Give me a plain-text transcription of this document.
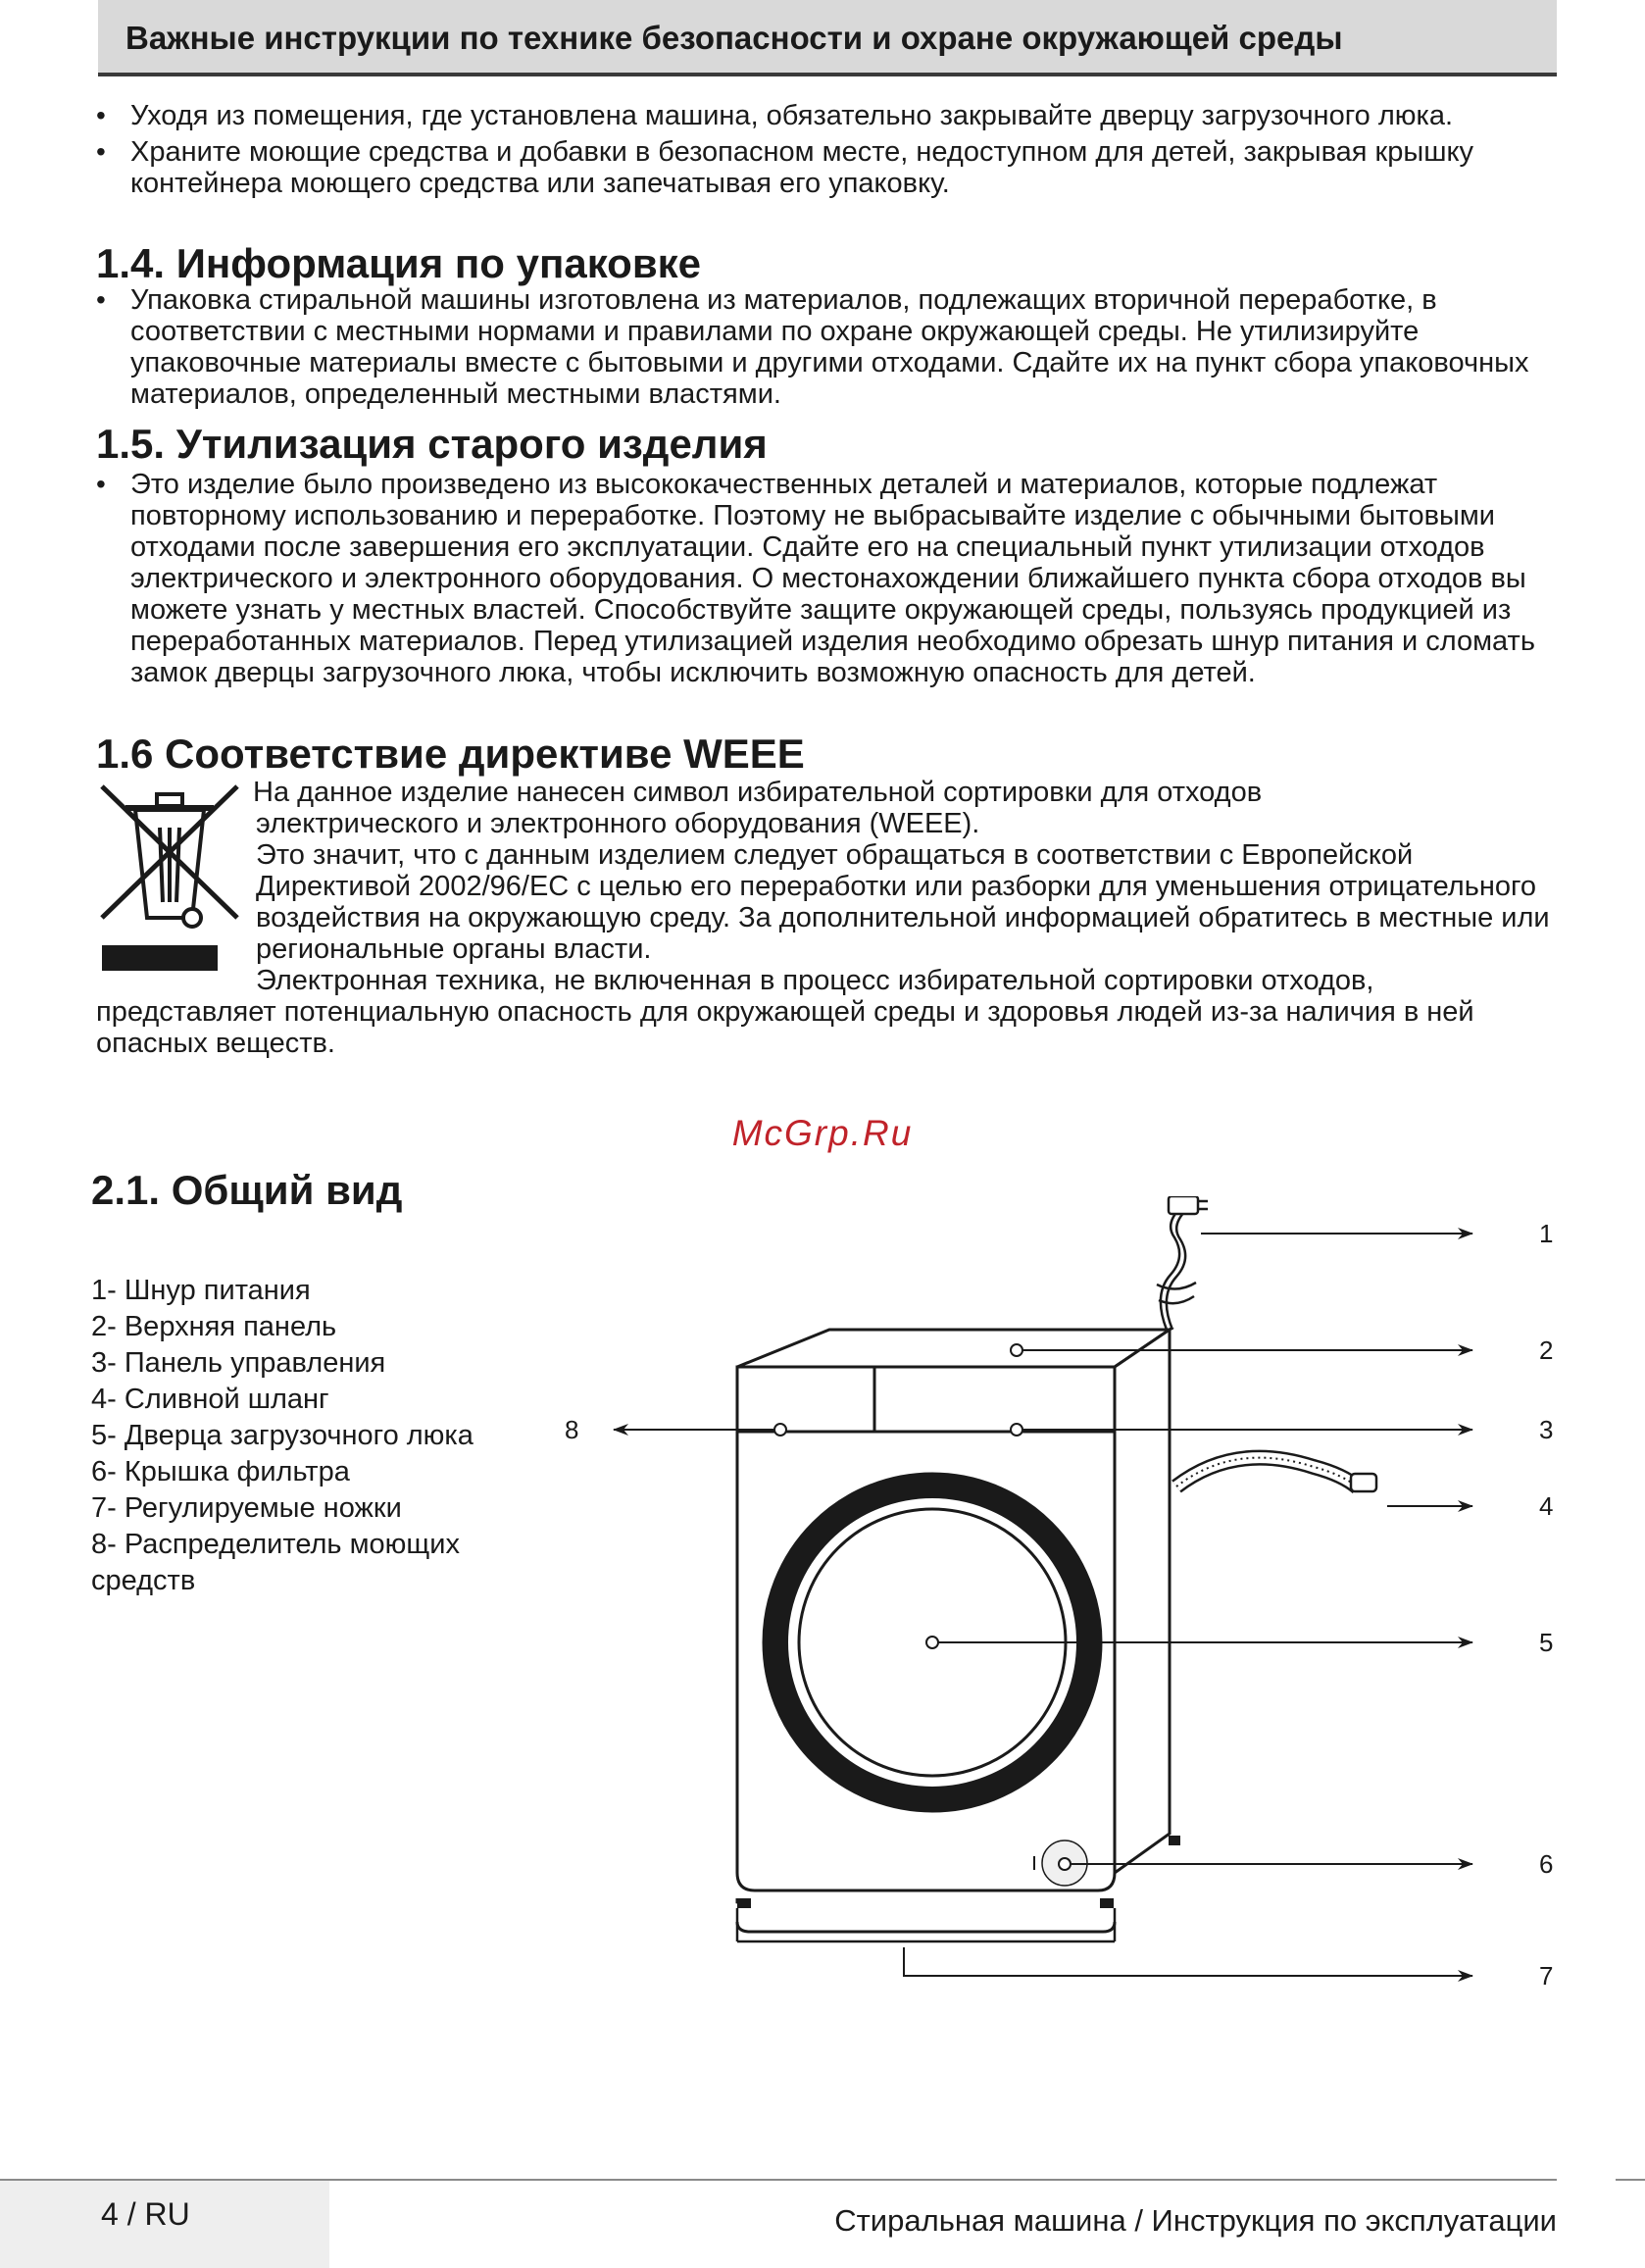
Важные инструкции по технике безопасности и охране окружающей среды
• Уходя из помещения, где установлена машина, обязательно закрывайте дверцу загрузочного люка.
• Храните моющие средства и добавки в безопасном месте, недоступном для детей, закрывая крышку контейнера моющего средства или запечатывая его упаковку.
1.4. Информация по упаковке
• Упаковка стиральной машины изготовлена из материалов, подлежащих вторичной переработке, в соответствии с местными нормами и правилами по охране окружающей среды. Не утилизируйте упаковочные материалы вместе с бытовыми и другими отходами. Сдайте их на пункт сбора упаковочных материалов, определенный местными властями.
1.5. Утилизация старого изделия
• Это изделие было произведено из высококачественных деталей и материалов, которые подлежат повторному использованию и переработке. Поэтому не выбрасывайте изделие с обычными бытовыми отходами после завершения его эксплуатации. Сдайте его на специальный пункт утилизации отходов электрического и электронного оборудования. О местонахождении ближайшего пункта сбора отходов вы можете узнать у местных властей. Способствуйте защите окружающей среды, пользуясь продукцией из переработанных материалов. Перед утилизацией изделия необходимо обрезать шнур питания и сломать замок дверцы загрузочного люка, чтобы исключить возможную опасность для детей.
1.6 Соответствие директиве WEEE

На данное изделие нанесен символ избирательной сортировки для отходов

электрического и электронного оборудования (WEEE).

Это значит, что с данным изделием следует обращаться в соответствии с Европейской Директивой 2002/96/EC с целью его переработки или разборки для уменьшения отрицательного воздействия на окружающую среду. За дополнительной информацией обратитесь в местные или региональные органы власти.

Электронная техника, не включенная в процесс избирательной сортировки отходов,

представляет потенциальную опасность для окружающей среды и здоровья людей из-за наличия в ней опасных веществ.

McGrp.Ru
2.1. Общий вид
1- Шнур питания
2- Верхняя панель
3- Панель управления
4- Сливной шланг
5- Дверца загрузочного люка
6- Крышка фильтра
7- Регулируемые ножки
8- Распределитель моющих средств
1
2
3
4
5
6
7
8
4 / RU	Стиральная машина / Инструкция по эксплуатации
